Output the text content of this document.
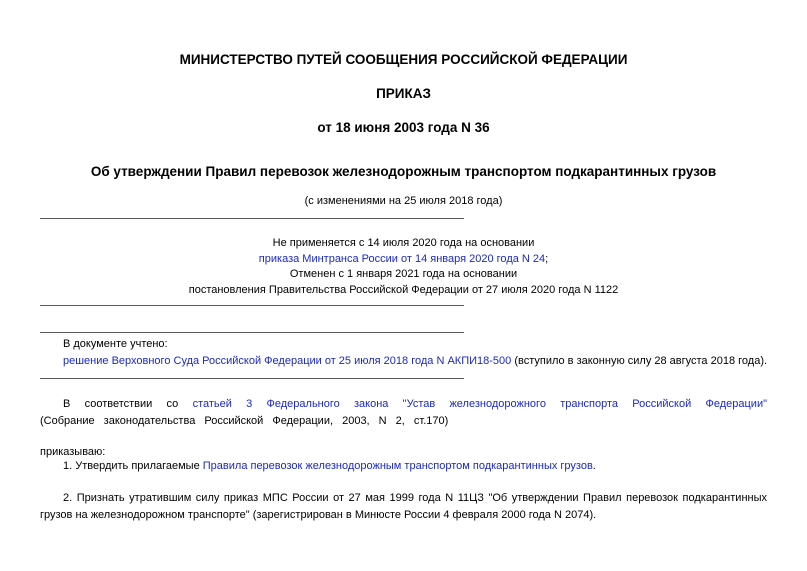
МИНИСТЕРСТВО ПУТЕЙ СООБЩЕНИЯ РОССИЙСКОЙ ФЕДЕРАЦИИ
ПРИКАЗ
от 18 июня 2003 года N 36
Об утверждении Правил перевозок железнодорожным транспортом подкарантинных грузов
(с изменениями на 25 июля 2018 года)
Не применяется с 14 июля 2020 года на основании
приказа Минтранса России от 14 января 2020 года N 24;
Отменен с 1 января 2021 года на основании
постановления Правительства Российской Федерации от 27 июля 2020 года N 1122
В документе учтено:
решение Верховного Суда Российской Федерации от 25 июля 2018 года N АКПИ18-500 (вступило в законную силу 28 августа 2018 года).
В соответствии со статьей 3 Федерального закона "Устав железнодорожного транспорта Российской Федерации" (Собрание законодательства Российской Федерации, 2003, N 2, ст.170)
приказываю:
1. Утвердить прилагаемые Правила перевозок железнодорожным транспортом подкарантинных грузов.
2. Признать утратившим силу приказ МПС России от 27 мая 1999 года N 11ЦЗ "Об утверждении Правил перевозок подкарантинных грузов на железнодорожном транспорте" (зарегистрирован в Минюсте России 4 февраля 2000 года N 2074).
